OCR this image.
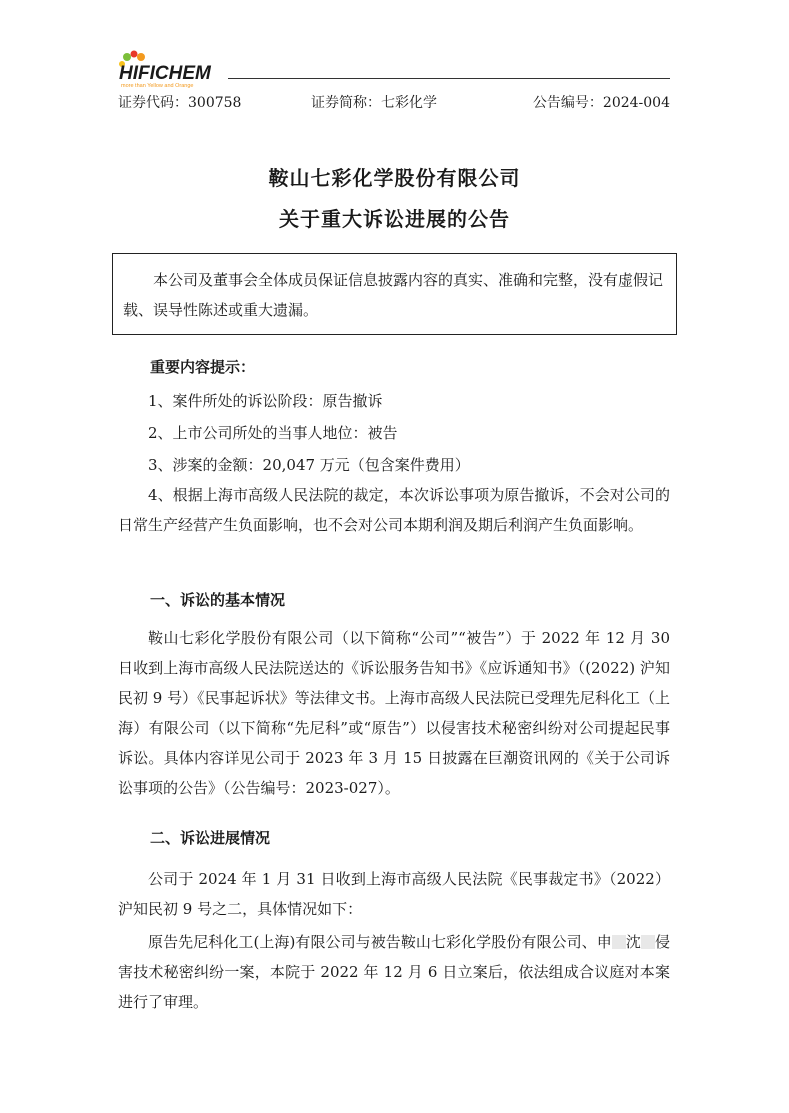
HIFICHEM
more than Yellow and Orange
证券代码：300758	证券简称：七彩化学	公告编号：2024-004
鞍山七彩化学股份有限公司
关于重大诉讼进展的公告

本公司及董事会全体成员保证信息披露内容的真实、准确和完整，没有虚假记载、误导性陈述或重大遗漏。

重要内容提示：
1、案件所处的诉讼阶段：原告撤诉
2、上市公司所处的当事人地位：被告
3、涉案的金额：20,047 万元（包含案件费用）

4、根据上海市高级人民法院的裁定，本次诉讼事项为原告撤诉，不会对公司的日常生产经营产生负面影响，也不会对公司本期利润及期后利润产生负面影响。

一、诉讼的基本情况

鞍山七彩化学股份有限公司（以下简称“公司”“被告”）于 2022 年 12 月 30 日收到上海市高级人民法院送达的《诉讼服务告知书》《应诉通知书》（(2022) 沪知民初 9 号）《民事起诉状》等法律文书。上海市高级人民法院已受理先尼科化工（上海）有限公司（以下简称“先尼科”或“原告”）以侵害技术秘密纠纷对公司提起民事诉讼。具体内容详见公司于 2023 年 3 月 15 日披露在巨潮资讯网的《关于公司诉讼事项的公告》（公告编号：2023-027）。

二、诉讼进展情况

公司于 2024 年 1 月 31 日收到上海市高级人民法院《民事裁定书》（2022）沪知民初 9 号之二，具体情况如下：

原告先尼科化工(上海)有限公司与被告鞍山七彩化学股份有限公司、申 沈 侵害技术秘密纠纷一案，本院于 2022 年 12 月 6 日立案后，依法组成合议庭对本案进行了审理。
